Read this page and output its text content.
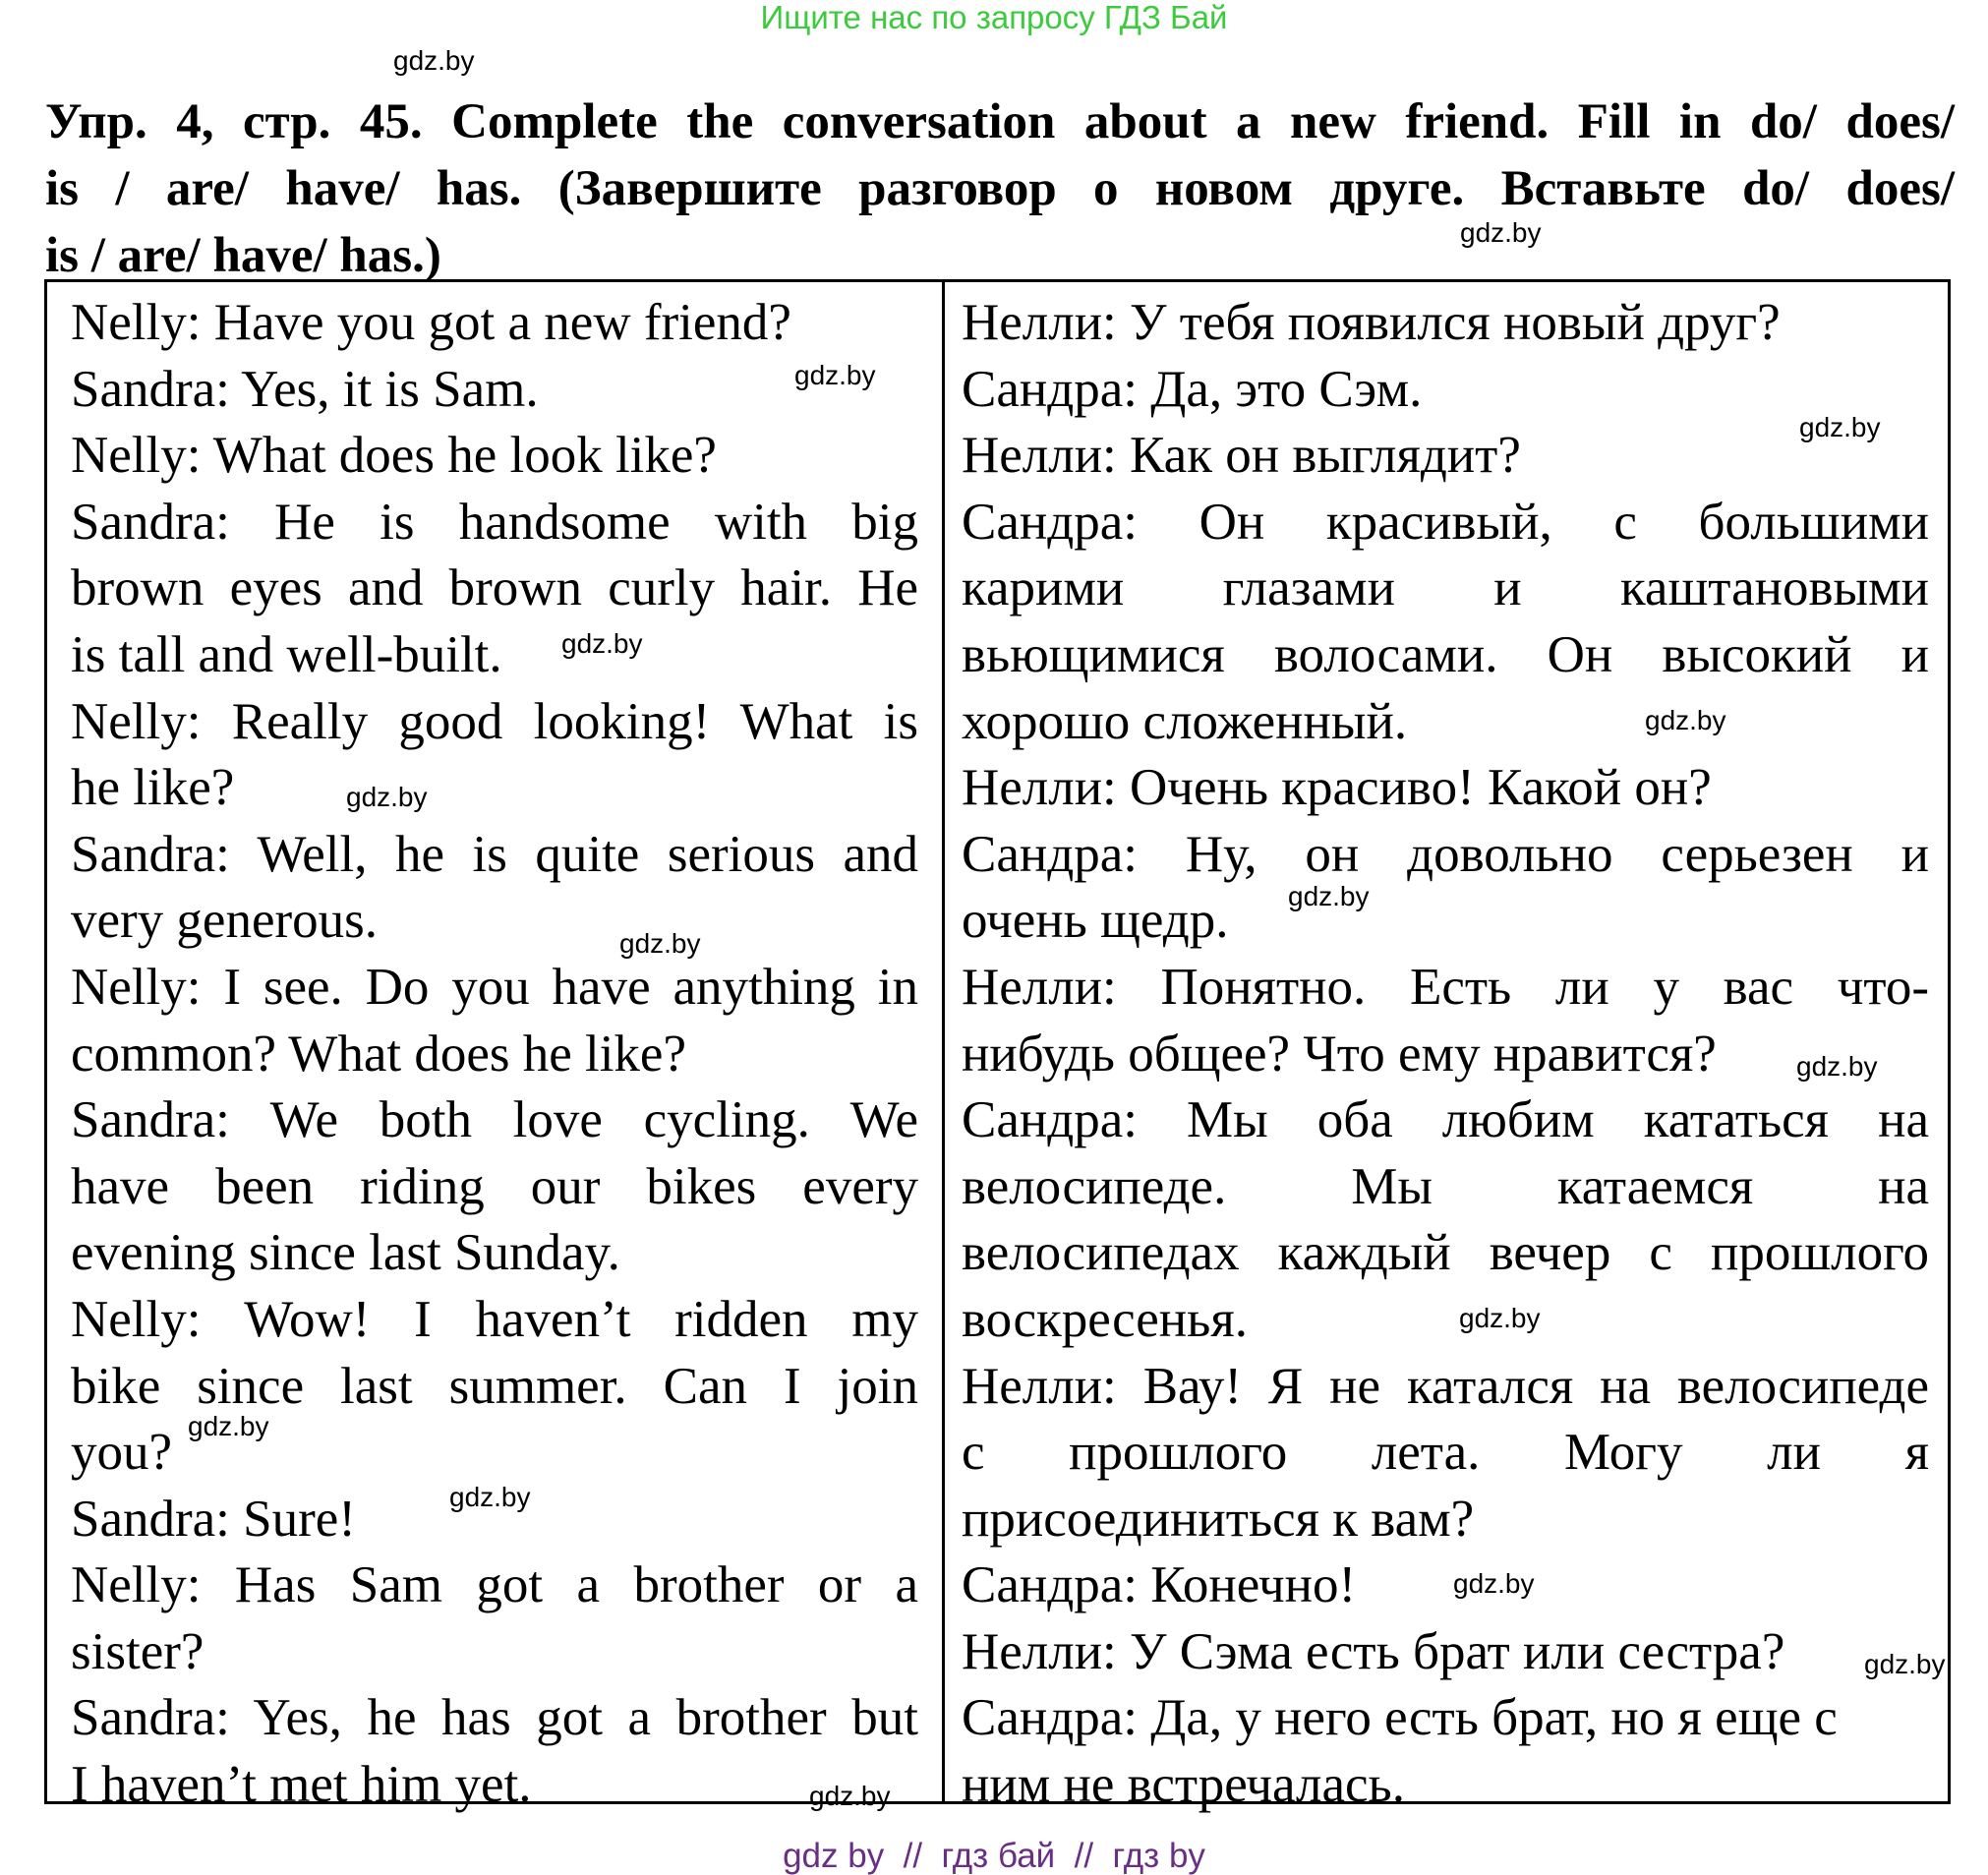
Ищите нас по запросу ГДЗ Бай
Упр. 4, стр. 45. Complete the conversation about a new friend. Fill in do/ does/
is / are/ have/ has. (Завершите разговор о новом друге. Вставьте do/ does/
is / are/ have/ has.)
Nelly: Have you got a new friend?
Sandra: Yes, it is Sam.
Nelly: What does he look like?
Sandra: He is handsome with big
brown eyes and brown curly hair. He
is tall and well-built.
Nelly: Really good looking! What is
he like?
Sandra: Well, he is quite serious and
very generous.
Nelly: I see. Do you have anything in
common? What does he like?
Sandra: We both love cycling. We
have been riding our bikes every
evening since last Sunday.
Nelly: Wow! I haven’t ridden my
bike since last summer. Can I join
you?
Sandra: Sure!
Nelly: Has Sam got a brother or a
sister?
Sandra: Yes, he has got a brother but
I haven’t met him yet.
Нелли: У тебя появился новый друг?
Сандра: Да, это Сэм.
Нелли: Как он выглядит?
Сандра: Он красивый, с большими
карими глазами и каштановыми
вьющимися волосами. Он высокий и
хорошо сложенный.
Нелли: Очень красиво! Какой он?
Сандра: Ну, он довольно серьезен и
очень щедр.
Нелли: Понятно. Есть ли у вас что-
нибудь общее? Что ему нравится?
Сандра: Мы оба любим кататься на
велосипеде. Мы катаемся на
велосипедах каждый вечер с прошлого
воскресенья.
Нелли: Вау! Я не катался на велосипеде
с прошлого лета. Могу ли я
присоединиться к вам?
Сандра: Конечно!
Нелли: У Сэма есть брат или сестра?
Сандра: Да, у него есть брат, но я еще с
ним не встречалась.
gdz.by
gdz.by
gdz.by
gdz.by
gdz.by
gdz.by
gdz.by
gdz.by
gdz.by
gdz.by
gdz.by
gdz.by
gdz.by
gdz.by
gdz.by
gdz.by
gdz by  //  гдз бай  //  гдз by
